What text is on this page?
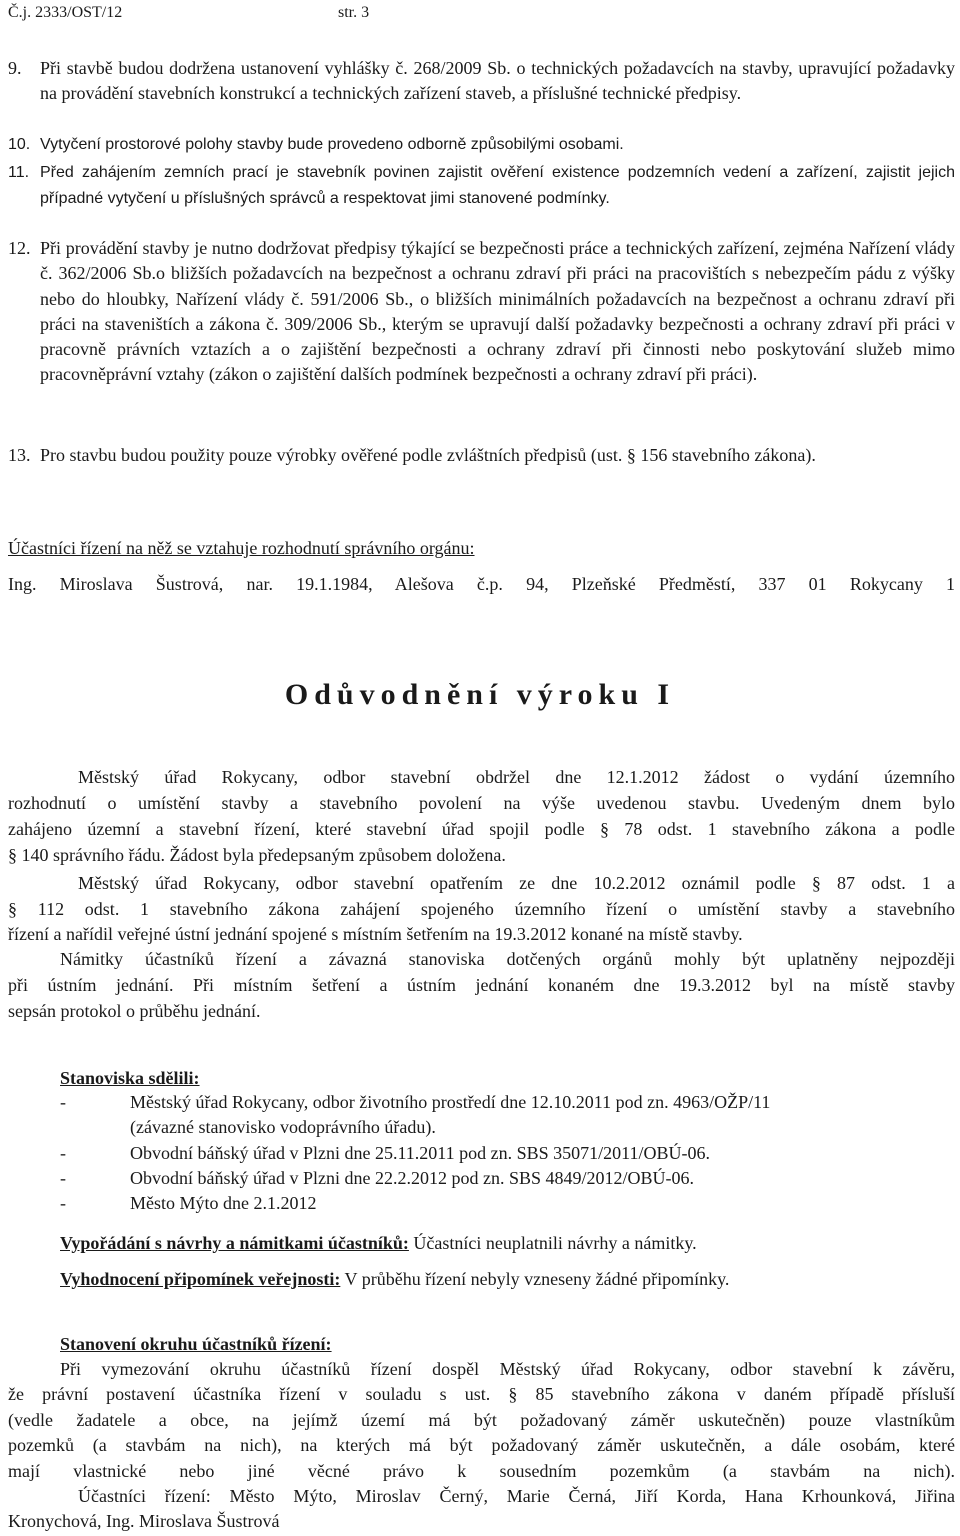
Č.j. 2333/OST/12	str. 3
9. Při stavbě budou dodržena ustanovení vyhlášky č. 268/2009 Sb. o technických požadavcích na stavby, upravující požadavky na provádění stavebních konstrukcí a technických zařízení staveb, a příslušné technické předpisy.
10. Vytyčení prostorové polohy stavby bude provedeno odborně způsobilými osobami.
11. Před zahájením zemních prací je stavebník povinen zajistit ověření existence podzemních vedení a zařízení, zajistit jejich případné vytyčení u příslušných správců a respektovat jimi stanovené podmínky.
12. Při provádění stavby je nutno dodržovat předpisy týkající se bezpečnosti práce a technických zařízení, zejména Nařízení vlády č. 362/2006 Sb.o bližších požadavcích na bezpečnost a ochranu zdraví při práci na pracovištích s nebezpečím pádu z výšky nebo do hloubky, Nařízení vlády č. 591/2006 Sb., o bližších minimálních požadavcích na bezpečnost a ochranu zdraví při práci na staveništích a zákona č. 309/2006 Sb., kterým se upravují další požadavky bezpečnosti a ochrany zdraví při práci v pracovně právních vztazích a o zajištění bezpečnosti a ochrany zdraví při činnosti nebo poskytování služeb mimo pracovněprávní vztahy (zákon o zajištění dalších podmínek bezpečnosti a ochrany zdraví při práci).
13. Pro stavbu budou použity pouze výrobky ověřené podle zvláštních předpisů (ust. § 156 stavebního zákona).
Účastníci řízení na něž se vztahuje rozhodnutí správního orgánu:
Ing. Miroslava Šustrová, nar. 19.1.1984, Alešova č.p. 94, Plzeňské Předměstí, 337 01 Rokycany 1
Odůvodnění výroku I
Městský úřad Rokycany, odbor stavební obdržel dne 12.1.2012 žádost o vydání územního
rozhodnutí o umístění stavby a stavebního povolení na výše uvedenou stavbu. Uvedeným dnem bylo
zahájeno územní a stavební řízení, které stavební úřad spojil podle § 78 odst. 1 stavebního zákona a podle
§ 140 správního řádu. Žádost byla předepsaným způsobem doložena.
Městský úřad Rokycany, odbor stavební opatřením ze dne 10.2.2012 oznámil podle § 87 odst. 1 a
§ 112 odst. 1 stavebního zákona zahájení spojeného územního řízení o umístění stavby a stavebního
řízení a nařídil veřejné ústní jednání spojené s místním šetřením na 19.3.2012 konané na místě stavby.
Námitky účastníků řízení a závazná stanoviska dotčených orgánů mohly být uplatněny nejpozději
při ústním jednání. Při místním šetření a ústním jednání konaném dne 19.3.2012 byl na místě stavby
sepsán protokol o průběhu jednání.
Stanoviska sdělili:
-	Městský úřad Rokycany, odbor životního prostředí dne 12.10.2011 pod zn. 4963/OŽP/11
(závazné stanovisko vodoprávního úřadu).
-	Obvodní báňský úřad v Plzni dne 25.11.2011 pod zn. SBS 35071/2011/OBÚ-06.
-	Obvodní báňský úřad v Plzni dne 22.2.2012 pod zn. SBS 4849/2012/OBÚ-06.
-	Město Mýto dne 2.1.2012
Vypořádání s návrhy a námitkami účastníků: Účastníci neuplatnili návrhy a námitky.
Vyhodnocení připomínek veřejnosti: V průběhu řízení nebyly vzneseny žádné připomínky.
Stanovení okruhu účastníků řízení:
Při vymezování okruhu účastníků řízení dospěl Městský úřad Rokycany, odbor stavební k závěru,
že právní postavení účastníka řízení v souladu s ust. § 85 stavebního zákona v daném případě přísluší
(vedle žadatele a obce, na jejímž území má být požadovaný záměr uskutečněn) pouze vlastníkům
pozemků (a stavbám na nich), na kterých má být požadovaný záměr uskutečněn, a dále osobám, které
mají vlastnické nebo jiné věcné právo k sousedním pozemkům (a stavbám na nich).
Účastníci řízení: Město Mýto, Miroslav Černý, Marie Černá, Jiří Korda, Hana Krhounková, Jiřina
Kronychová, Ing. Miroslava Šustrová
